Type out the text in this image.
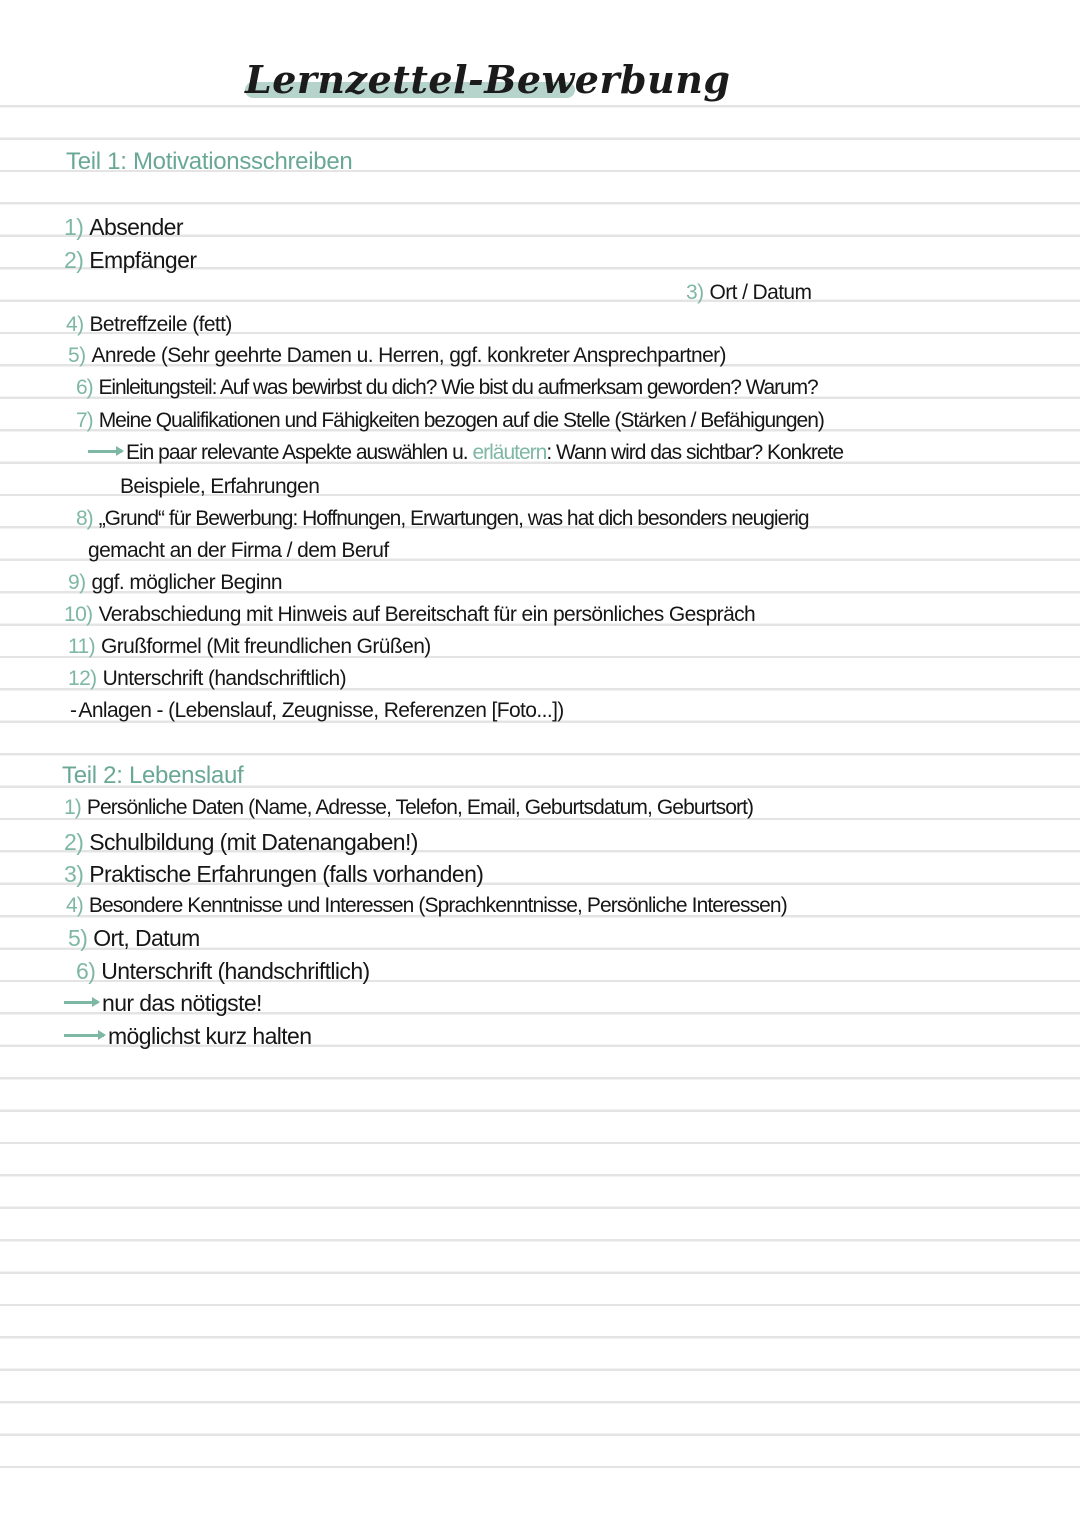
Lernzettel-Bewerbung
Teil 1: Motivationsschreiben
1) Absender
2) Empfänger
3) Ort / Datum
4) Betreffzeile (fett)
5) Anrede (Sehr geehrte Damen u. Herren, ggf. konkreter Ansprechpartner)
6) Einleitungsteil: Auf was bewirbst du dich? Wie bist du aufmerksam geworden? Warum?
7) Meine Qualifikationen und Fähigkeiten bezogen auf die Stelle (Stärken / Befähigungen)
Ein paar relevante Aspekte auswählen u. erläutern: Wann wird das sichtbar? Konkrete
Beispiele, Erfahrungen
8) „Grund“ für Bewerbung: Hoffnungen, Erwartungen, was hat dich besonders neugierig
gemacht an der Firma / dem Beruf
9) ggf. möglicher Beginn
10) Verabschiedung mit Hinweis auf Bereitschaft für ein persönliches Gespräch
11) Grußformel (Mit freundlichen Grüßen)
12) Unterschrift (handschriftlich)
-Anlagen - (Lebenslauf, Zeugnisse, Referenzen [Foto...])
Teil 2: Lebenslauf
1) Persönliche Daten (Name, Adresse, Telefon, Email, Geburtsdatum, Geburtsort)
2) Schulbildung (mit Datenangaben!)
3) Praktische Erfahrungen (falls vorhanden)
4) Besondere Kenntnisse und Interessen (Sprachkenntnisse, Persönliche Interessen)
5) Ort, Datum
6) Unterschrift (handschriftlich)
nur das nötigste!
möglichst kurz halten
